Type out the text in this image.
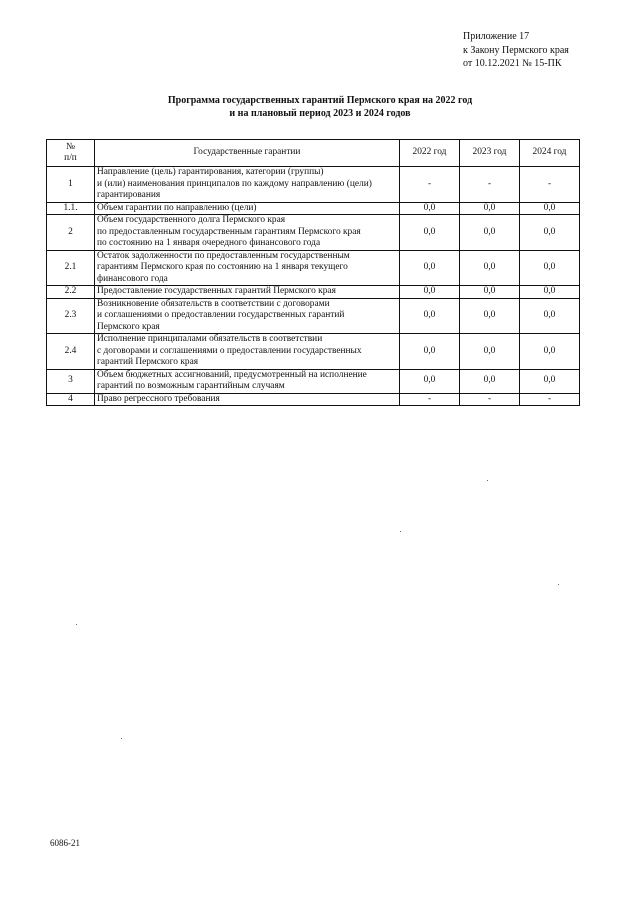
Приложение 17
к Закону Пермского края
от 10.12.2021 № 15-ПК
Программа государственных гарантий Пермского края на 2022 год
и на плановый период 2023 и 2024 годов
№
п/п	Государственные гарантии	2022 год	2023 год	2024 год
1	Направление (цель) гарантирования, категории (группы)
и (или) наименования принципалов по каждому направлению (цели)
гарантирования	-	-	-
1.1.	Объем гарантии по направлению (цели)	0,0	0,0	0,0
2	Объем государственного долга Пермского края
по предоставленным государственным гарантиям Пермского края
по состоянию на 1 января очередного финансового года	0,0	0,0	0,0
2.1	Остаток задолженности по предоставленным государственным
гарантиям Пермского края по состоянию на 1 января текущего
финансового года	0,0	0,0	0,0
2.2	Предоставление государственных гарантий Пермского края	0,0	0,0	0,0
2.3	Возникновение обязательств в соответствии с договорами
и соглашениями о предоставлении государственных гарантий
Пермского края	0,0	0,0	0,0
2.4	Исполнение принципалами обязательств в соответствии
с договорами и соглашениями о предоставлении государственных
гарантий Пермского края	0,0	0,0	0,0
3	Объем бюджетных ассигнований, предусмотренный на исполнение
гарантий по возможным гарантийным случаям	0,0	0,0	0,0
4	Право регрессного требования	-	-	-
6086-21
